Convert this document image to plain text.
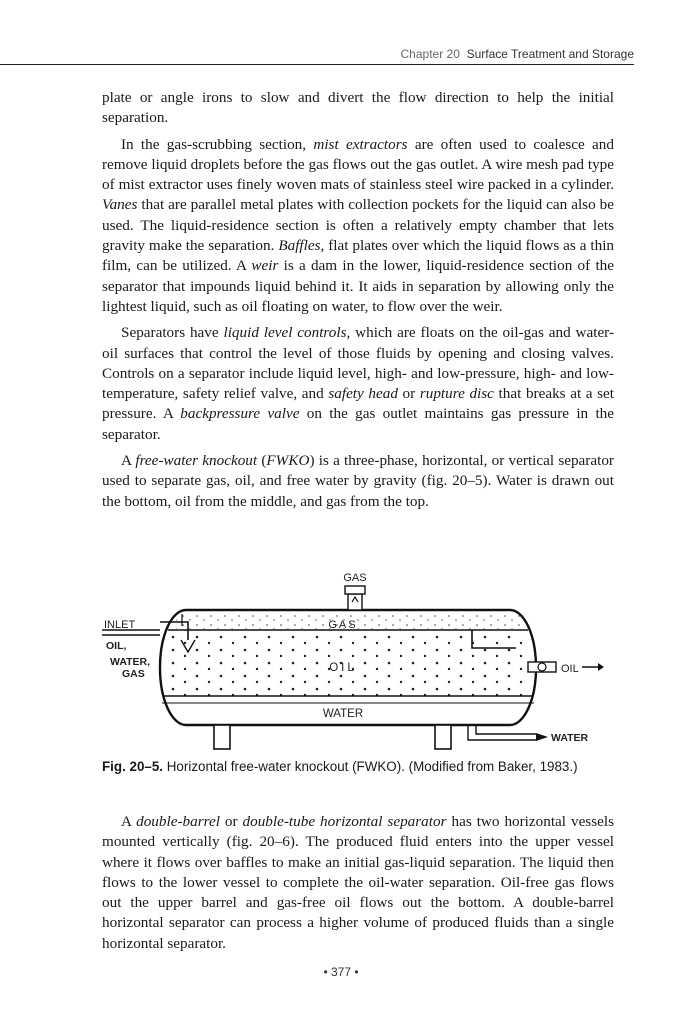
Chapter 20 Surface Treatment and Storage

plate or angle irons to slow and divert the flow direction to help the initial separation.

In the gas-scrubbing section, mist extractors are often used to coalesce and remove liquid droplets before the gas flows out the gas outlet. A wire mesh pad type of mist extractor uses finely woven mats of stainless steel wire packed in a cylinder. Vanes that are parallel metal plates with collection pockets for the liquid can also be used. The liquid-residence section is often a relatively empty chamber that lets gravity make the separation. Baffles, flat plates over which the liquid flows as a thin film, can be utilized. A weir is a dam in the lower, liquid-residence section of the separator that impounds liquid behind it. It aids in separation by allowing only the lightest liquid, such as oil floating on water, to flow over the weir.

Separators have liquid level controls, which are floats on the oil-gas and water-oil surfaces that control the level of those fluids by opening and closing valves. Controls on a separator include liquid level, high- and low-pressure, high- and low-temperature, safety relief valve, and safety head or rupture disc that breaks at a set pressure. A backpressure valve on the gas outlet maintains gas pressure in the separator.

A free-water knockout (FWKO) is a three-phase, horizontal, or vertical separator used to separate gas, oil, and free water by gravity (fig. 20–5). Water is drawn out the bottom, oil from the middle, and gas from the top.

GAS
GAS
INLET
OIL,
WATER,
GAS	OIL	OIL
WATER
WATER
Fig. 20–5. Horizontal free-water knockout (FWKO). (Modified from Baker, 1983.)

A double-barrel or double-tube horizontal separator has two horizontal vessels mounted vertically (fig. 20–6). The produced fluid enters into the upper vessel where it flows over baffles to make an initial gas-liquid separation. The liquid then flows to the lower vessel to complete the oil-water separation. Oil-free gas flows out the upper barrel and gas-free oil flows out the bottom. A double-barrel horizontal separator can process a higher volume of produced fluids than a single horizontal separator.

• 377 •
